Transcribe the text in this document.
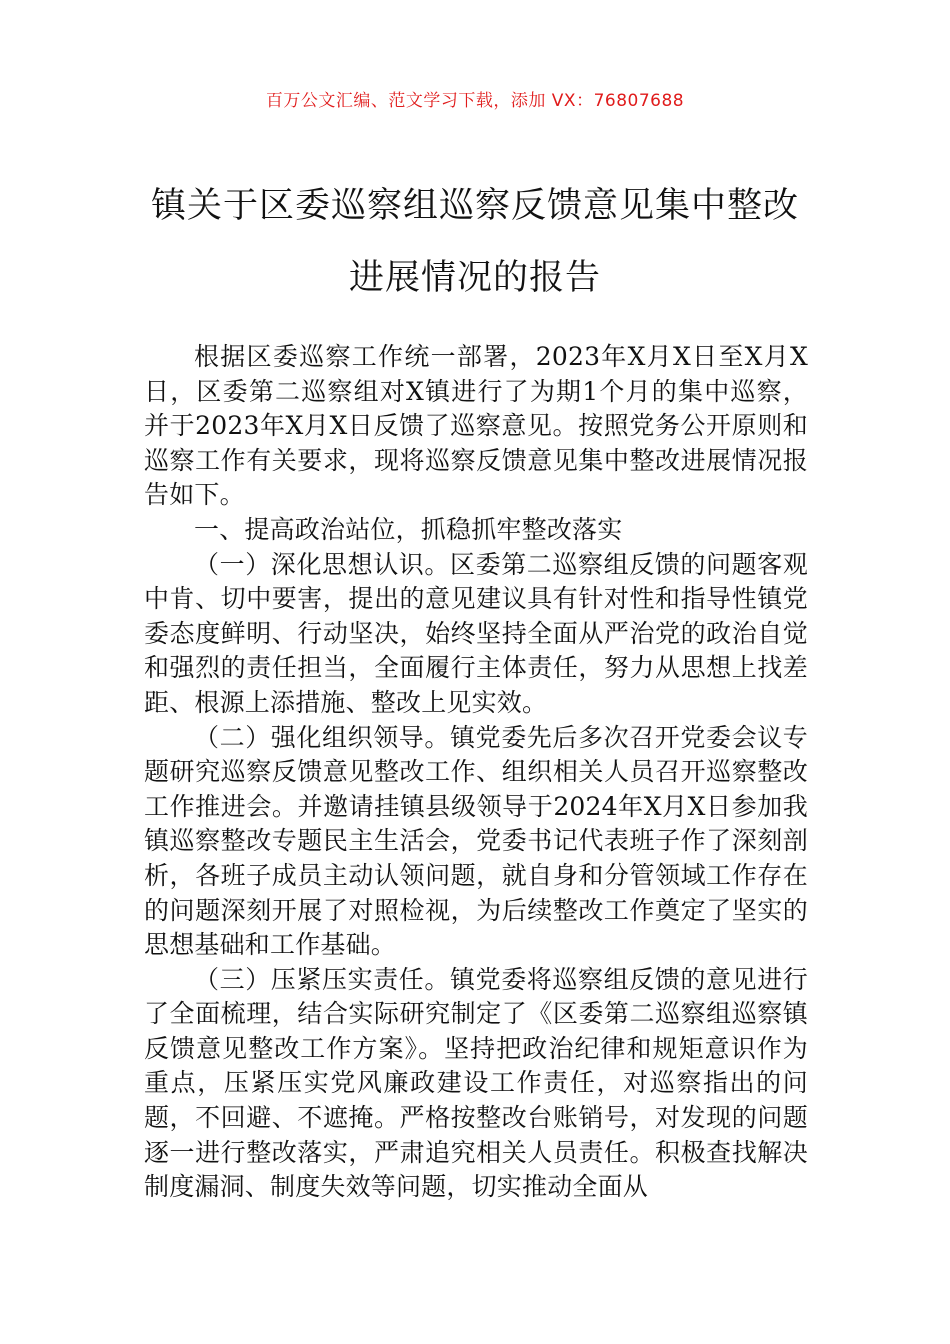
百万公文汇编、范文学习下载，添加 VX：76807688
镇关于区委巡察组巡察反馈意见集中整改
进展情况的报告

根据区委巡察工作统一部署，2023年X月X日至X月X日，区委第二巡察组对X镇进行了为期1个月的集中巡察，并于2023年X月X日反馈了巡察意见。按照党务公开原则和巡察工作有关要求，现将巡察反馈意见集中整改进展情况报告如下。

一、提高政治站位，抓稳抓牢整改落实

（一）深化思想认识。区委第二巡察组反馈的问题客观中肯、切中要害，提出的意见建议具有针对性和指导性镇党委态度鲜明、行动坚决，始终坚持全面从严治党的政治自觉和强烈的责任担当，全面履行主体责任，努力从思想上找差距、根源上添措施、整改上见实效。

（二）强化组织领导。镇党委先后多次召开党委会议专题研究巡察反馈意见整改工作、组织相关人员召开巡察整改工作推进会。并邀请挂镇县级领导于2024年X月X日参加我镇巡察整改专题民主生活会，党委书记代表班子作了深刻剖析，各班子成员主动认领问题，就自身和分管领域工作存在的问题深刻开展了对照检视，为后续整改工作奠定了坚实的思想基础和工作基础。

（三）压紧压实责任。镇党委将巡察组反馈的意见进行了全面梳理，结合实际研究制定了《区委第二巡察组巡察镇反馈意见整改工作方案》。坚持把政治纪律和规矩意识作为重点，压紧压实党风廉政建设工作责任，对巡察指出的问题，不回避、不遮掩。严格按整改台账销号，对发现的问题逐一进行整改落实，严肃追究相关人员责任。积极查找解决制度漏洞、制度失效等问题，切实推动全面从
